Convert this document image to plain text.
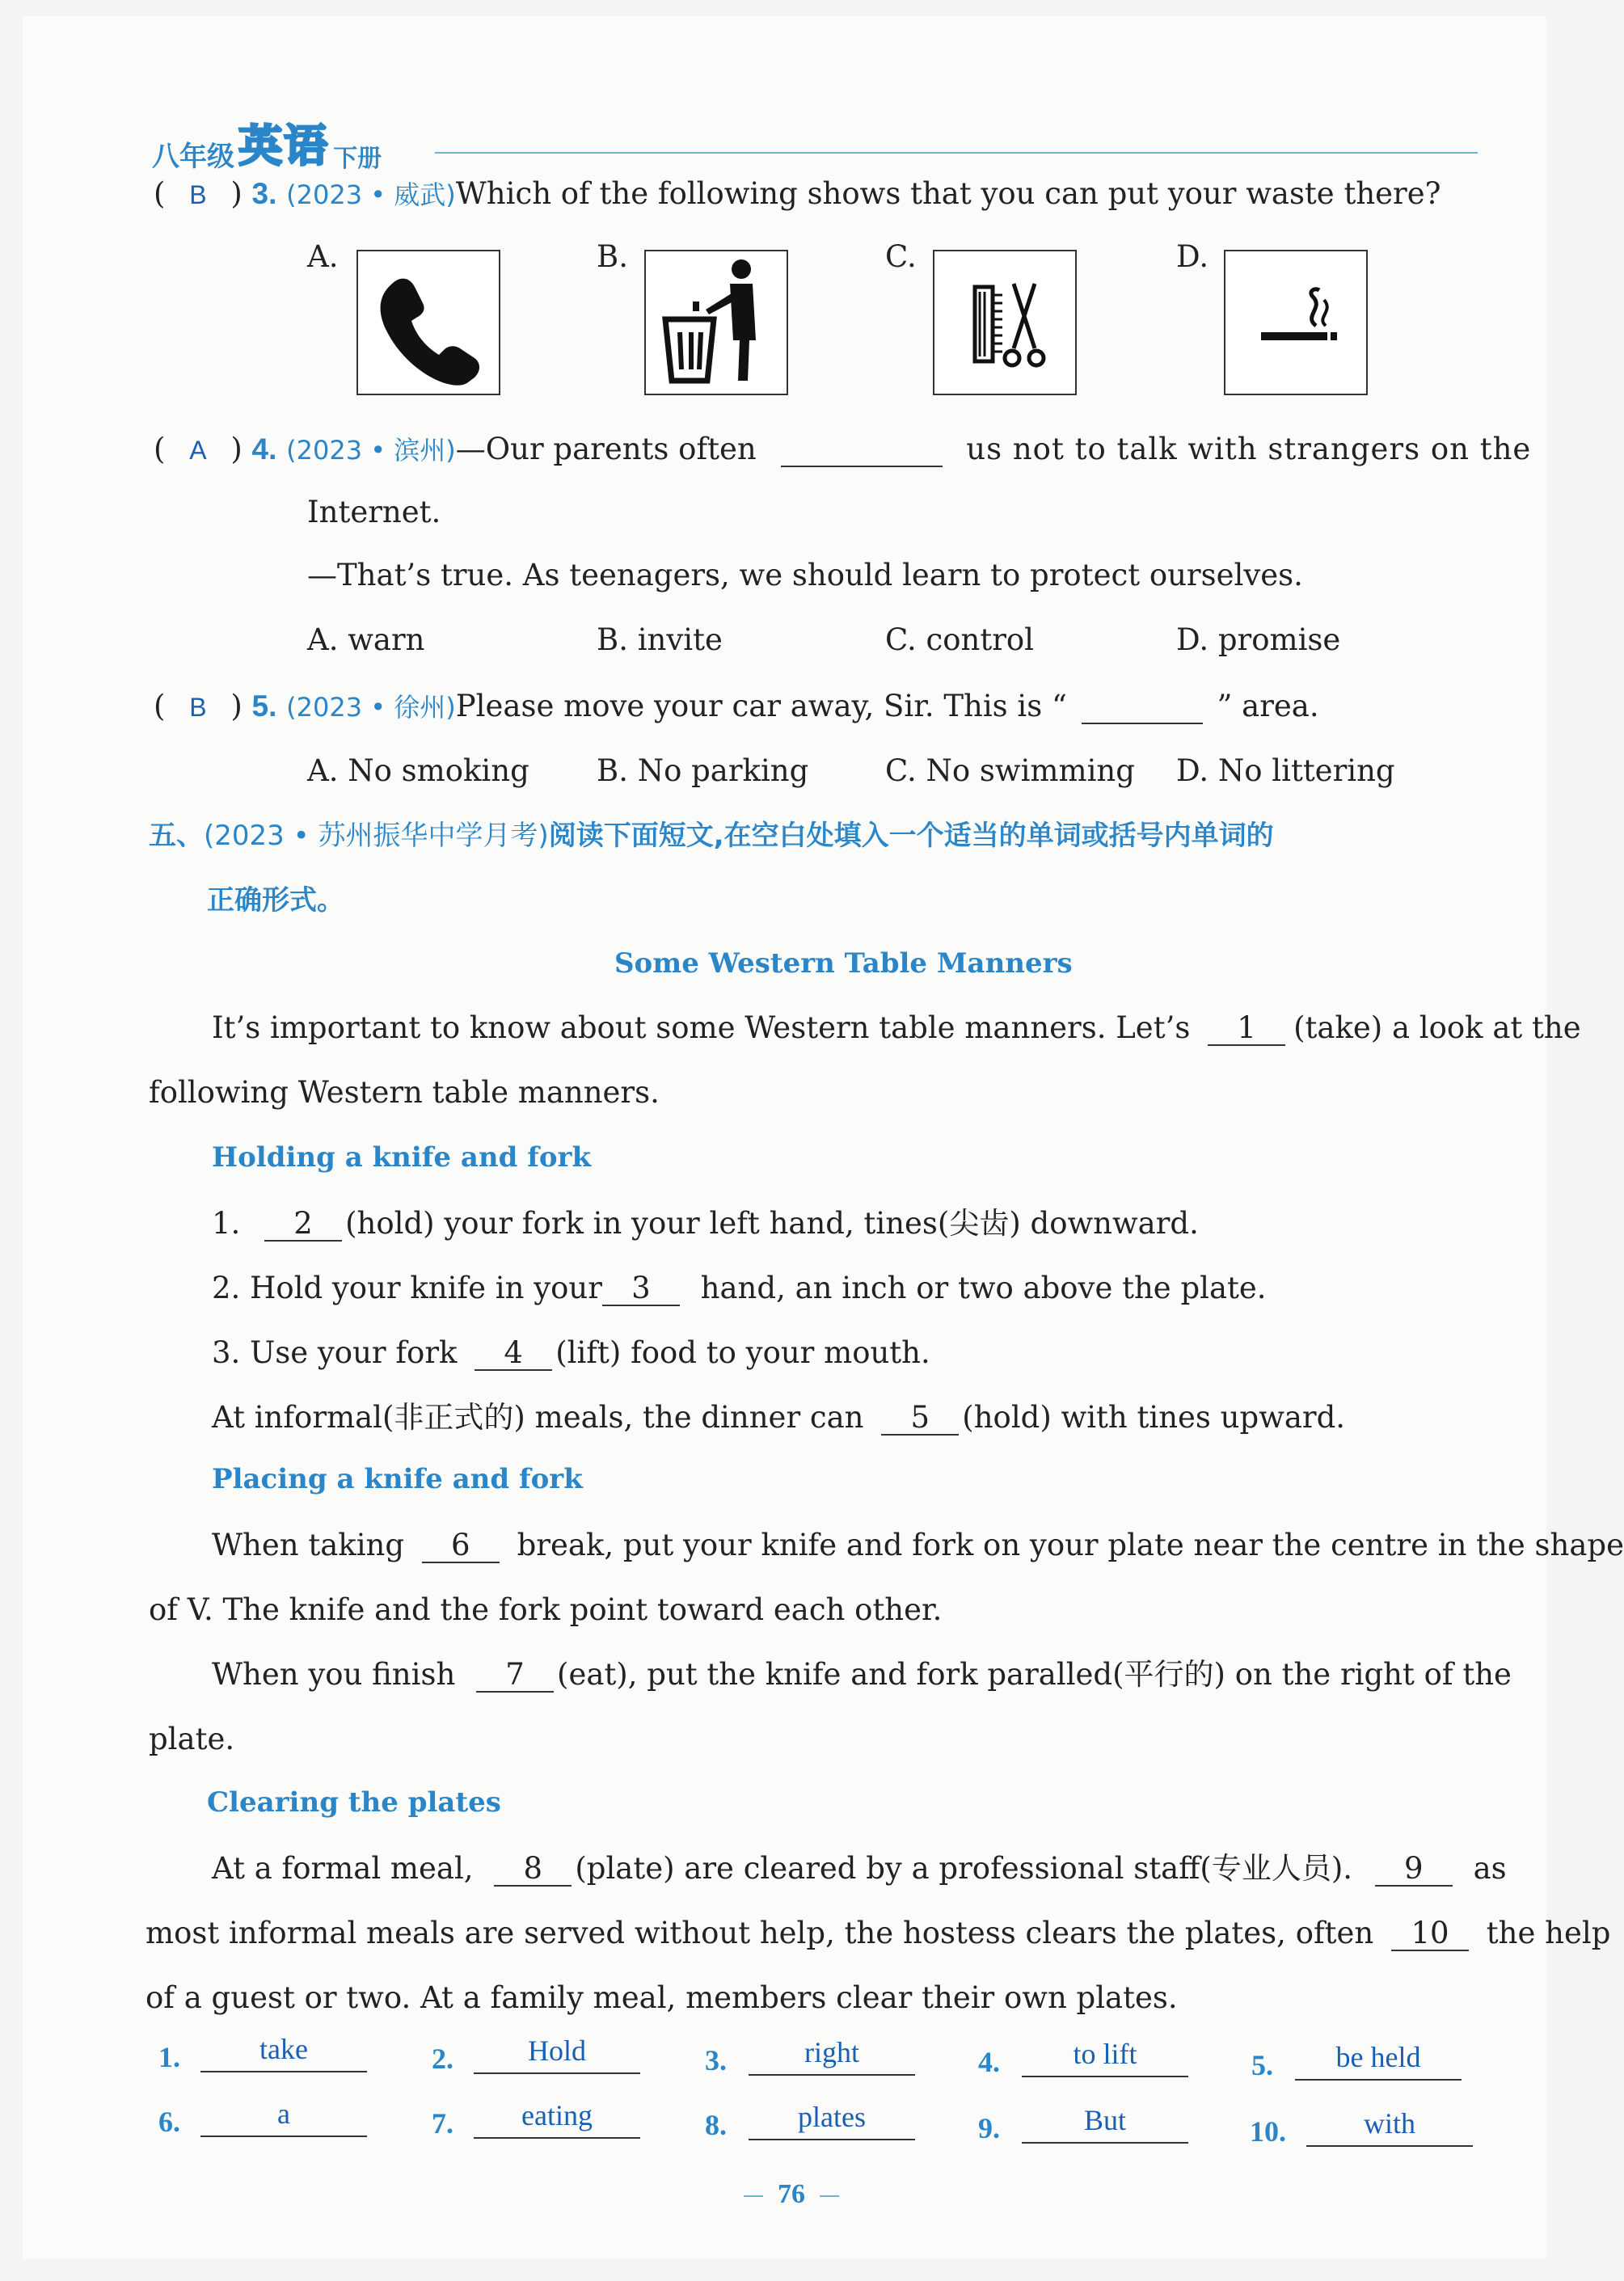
八年级 英语 下册
( B ) 3. (2023 • 威武)Which of the following shows that you can put your waste there?
A.	B.	C.	D.
( A ) 4. (2023 • 滨州)—Our parents often	us not to talk with strangers on the
Internet.
—That’s true. As teenagers, we should learn to protect ourselves.
A. warn	B. invite	C. control	D. promise
( B ) 5. (2023 • 徐州)Please move your car away, Sir. This is “	” area.
A. No smoking B. No parking	C. No swimming D. No littering
五、(2023 • 苏州振华中学月考)阅读下面短文,在空白处填入一个适当的单词或括号内单词的
正确形式。
Some Western Table Manners
It’s important to know about some Western table manners. Let’s 1 (take) a look at the
following Western table manners.
Holding a knife and fork
1. 2 (hold) your fork in your left hand, tines(尖齿) downward.
2. Hold your knife in your 3 hand, an inch or two above the plate.
3. Use your fork 4 (lift) food to your mouth.
At informal(非正式的) meals, the dinner can 5 (hold) with tines upward.
Placing a knife and fork
When taking 6 break, put your knife and fork on your plate near the centre in the shape
of V. The knife and the fork point toward each other.
When you finish 7 (eat), put the knife and fork paralled(平行的) on the right of the
plate.
Clearing the plates
At a formal meal, 8 (plate) are cleared by a professional staff(专业人员). 9 as
most informal meals are served without help, the hostess clears the plates, often 10 the help
of a guest or two. At a family meal, members clear their own plates.
1.	take	2.	Hold	3.	right	4.	to lift	5.	be held
6.	a	7.	eating	8.	plates	9.	But	10.	with
76
